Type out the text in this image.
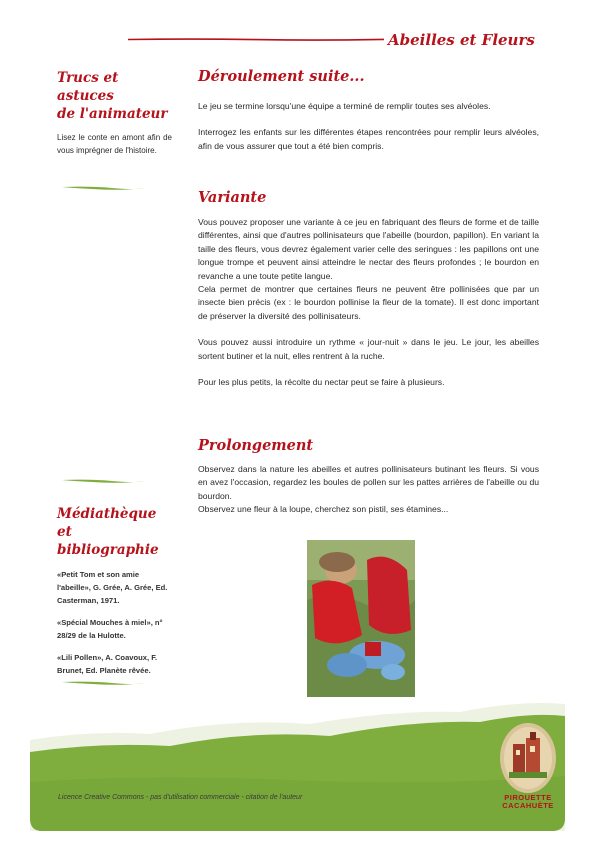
Abeilles et Fleurs
Trucs et astuces
de l'animateur

Lisez le conte en amont afin de vous imprégner de l'histoire.

Médiathèque et
bibliographie

«Petit Tom et son amie l'abeille», G. Grée, A. Grée, Ed. Casterman, 1971.

«Spécial Mouches à miel», n° 28/29 de la Hulotte.

«Lili Pollen», A. Coavoux, F. Brunet, Ed. Planète rêvée.

Déroulement suite...

Le jeu se termine lorsqu'une équipe a terminé de remplir toutes ses alvéoles.

Interrogez les enfants sur les différentes étapes rencontrées pour remplir leurs alvéoles, afin de vous assurer que tout a été bien compris.

Variante

Vous pouvez proposer une variante à ce jeu en fabriquant des fleurs de forme et de taille différentes, ainsi que d'autres pollinisateurs que l'abeille (bourdon, papillon). En variant la taille des fleurs, vous devrez également varier celle des seringues : les papillons ont une longue trompe et peuvent ainsi atteindre le nectar des fleurs profondes ; le bourdon en revanche a une toute petite langue.

Cela permet de montrer que certaines fleurs ne peuvent être pollinisées que par un insecte bien précis (ex : le bourdon pollinise la fleur de la tomate). Il est donc important de préserver la diversité des pollinisateurs.

Vous pouvez aussi introduire un rythme « jour-nuit » dans le jeu. Le jour, les abeilles sortent butiner et la nuit, elles rentrent à la ruche.

Pour les plus petits, la récolte du nectar peut se faire à plusieurs.

Prolongement

Observez dans la nature les abeilles et autres pollinisateurs butinant les fleurs. Si vous en avez l'occasion, regardez les boules de pollen sur les pattes arrières de l'abeille ou du bourdon.

Observez une fleur à la loupe, cherchez son pistil, ses étamines...

Licence Creative Commons - pas d'utilisation commerciale - citation de l'auteur	PIROUETTE
CACAHUÈTE
